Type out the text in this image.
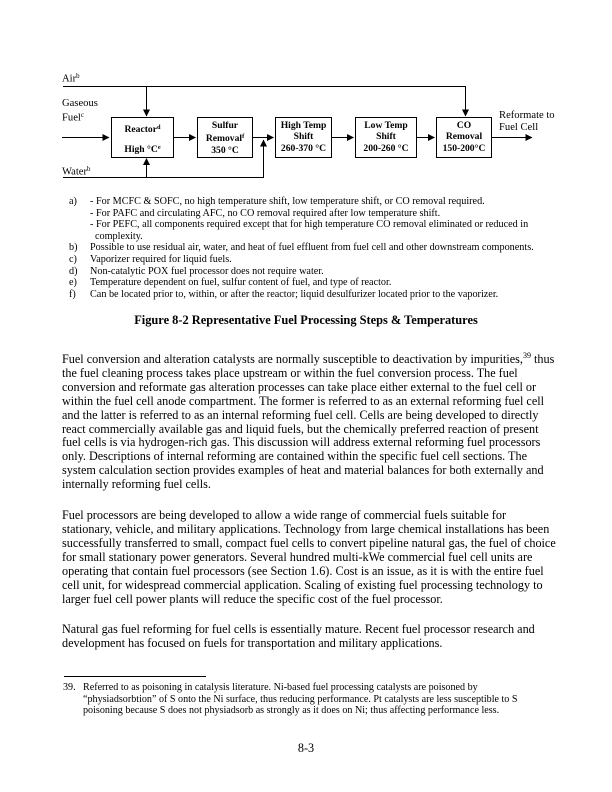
Air$^b$
Gaseous
Fuel$^c$
Water$^b$
Reformate to
Fuel Cell
Reactor$^d$
High °Ce
Sulfur
Removal$^f$
350 °C
High Temp
Shift
260-370 °C
Low Temp
Shift
200-260 °C
CO
Removal
150-200°C
a)	- For MCFC & SOFC, no high temperature shift, low temperature shift, or CO removal required.
- For PAFC and circulating AFC, no CO removal required after low temperature shift.
- For PEFC, all components required except that for high temperature CO removal eliminated or reduced in
complexity.
b)	Possible to use residual air, water, and heat of fuel effluent from fuel cell and other downstream components.
c)	Vaporizer required for liquid fuels.
d)	Non-catalytic POX fuel processor does not require water.
e)	Temperature dependent on fuel, sulfur content of fuel, and type of reactor.
f)	Can be located prior to, within, or after the reactor; liquid desulfurizer located prior to the vaporizer.
Figure 8-2 Representative Fuel Processing Steps & Temperatures

Fuel conversion and alteration catalysts are normally susceptible to deactivation by impurities,$^{39}$ thus the fuel cleaning process takes place upstream or within the fuel conversion process. The fuel conversion and reformate gas alteration processes can take place either external to the fuel cell or within the fuel cell anode compartment. The former is referred to as an external reforming fuel cell and the latter is referred to as an internal reforming fuel cell. Cells are being developed to directly react commercially available gas and liquid fuels, but the chemically preferred reaction of present fuel cells is via hydrogen-rich gas. This discussion will address external reforming fuel processors only. Descriptions of internal reforming are contained within the specific fuel cell sections. The system calculation section provides examples of heat and material balances for both externally and internally reforming fuel cells.

Fuel processors are being developed to allow a wide range of commercial fuels suitable for stationary, vehicle, and military applications. Technology from large chemical installations has been successfully transferred to small, compact fuel cells to convert pipeline natural gas, the fuel of choice for small stationary power generators. Several hundred multi-kWe commercial fuel cell units are operating that contain fuel processors (see Section 1.6). Cost is an issue, as it is with the entire fuel cell unit, for widespread commercial application. Scaling of existing fuel processing technology to larger fuel cell power plants will reduce the specific cost of the fuel processor.

Natural gas fuel reforming for fuel cells is essentially mature. Recent fuel processor research and development has focused on fuels for transportation and military applications.

39. Referred to as poisoning in catalysis literature. Ni-based fuel processing catalysts are poisoned by
“physiadsorbtion” of S onto the Ni surface, thus reducing performance. Pt catalysts are less susceptible to S
poisoning because S does not physiadsorb as strongly as it does on Ni; thus affecting performance less.
8-3
